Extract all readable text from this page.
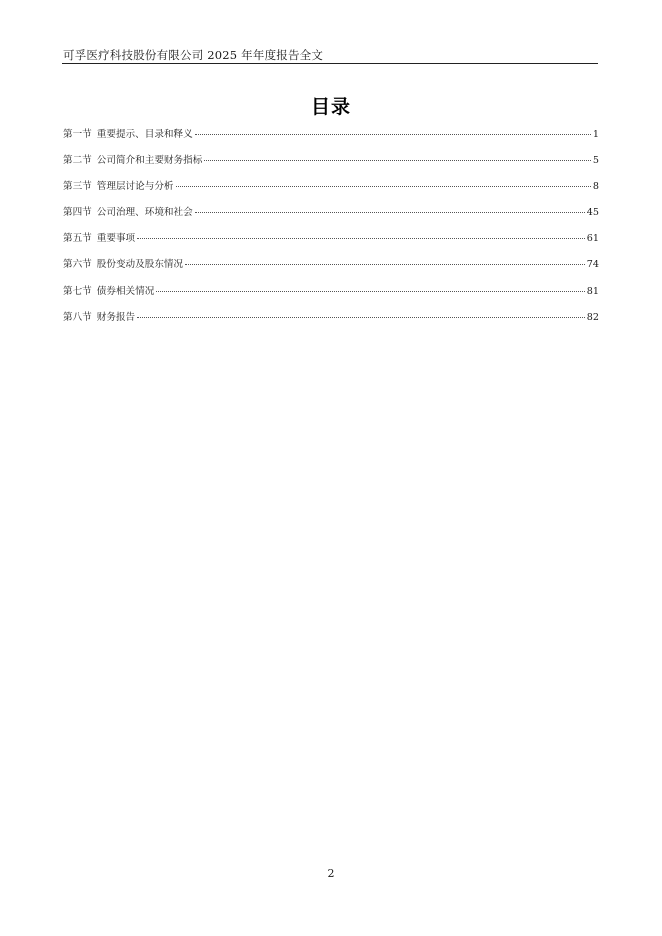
可孚医疗科技股份有限公司 2025 年年度报告全文
目录
第一节 重要提示、目录和释义	1
第二节 公司简介和主要财务指标	5
第三节 管理层讨论与分析	8
第四节 公司治理、环境和社会	45
第五节 重要事项	61
第六节 股份变动及股东情况	74
第七节 债券相关情况	81
第八节 财务报告	82
2
